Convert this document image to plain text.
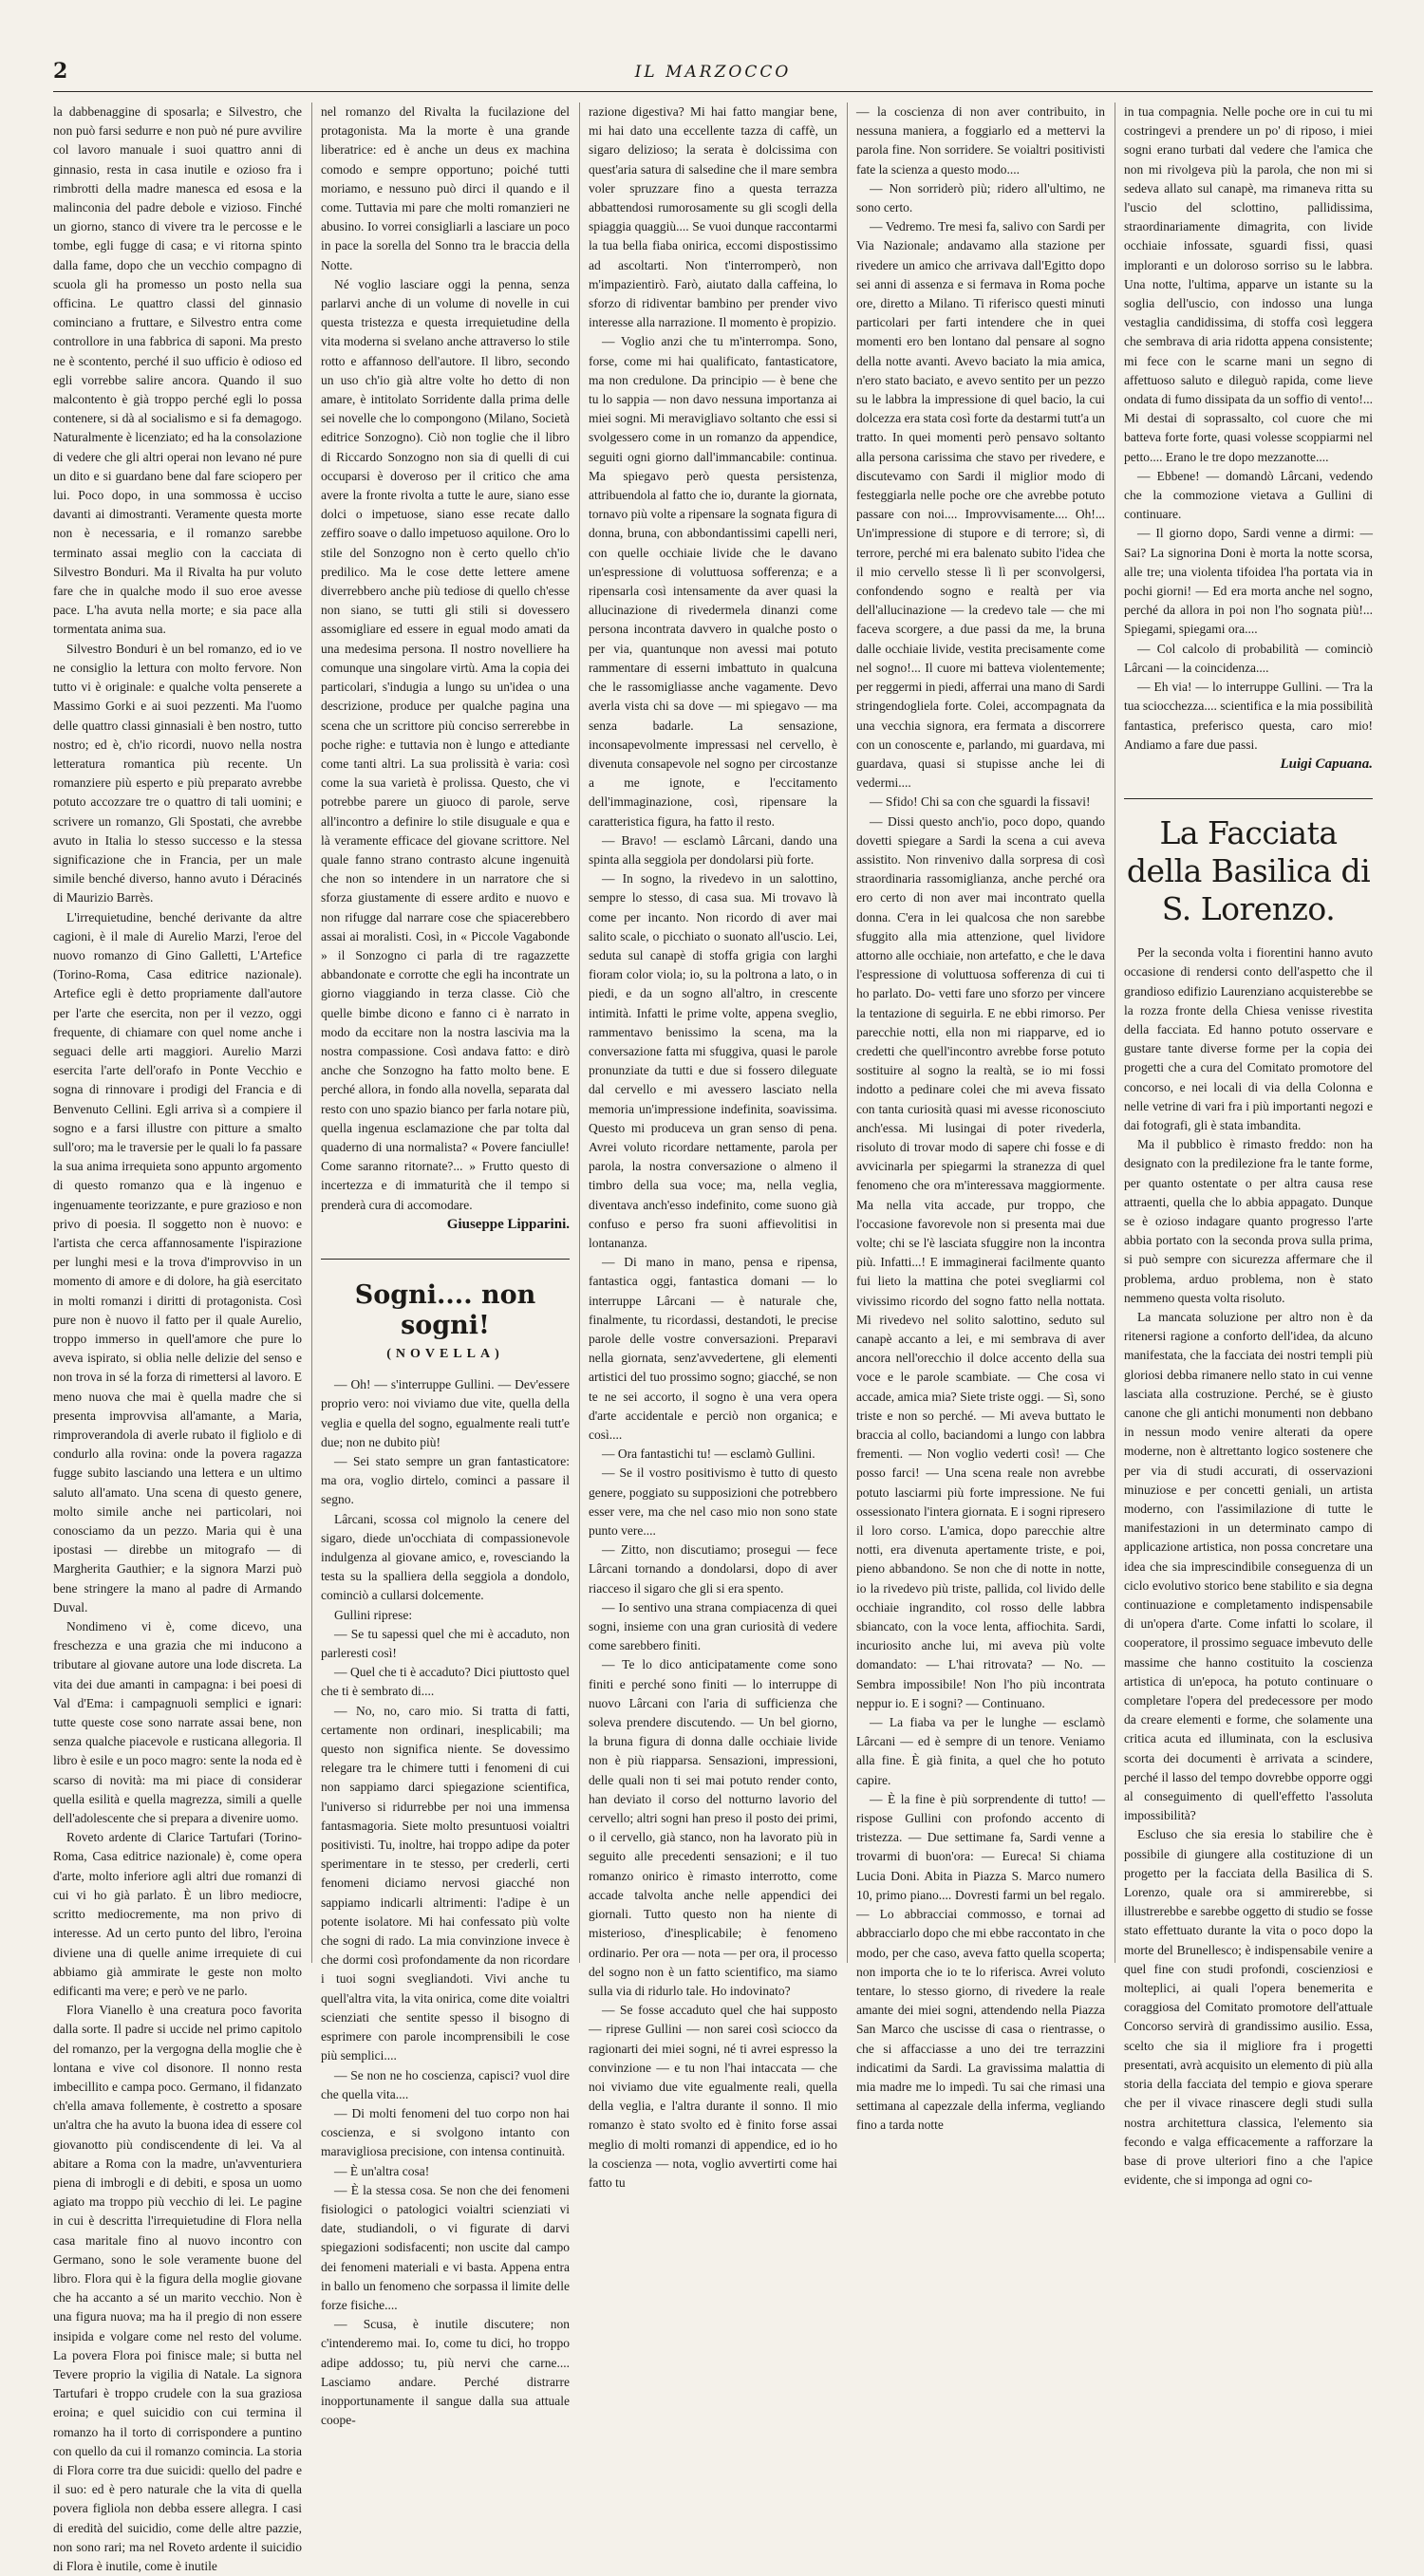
2	IL MARZOCCO

la dabbenaggine di sposarla; e Silvestro, che non può farsi sedurre e non può né pure avvilire col lavoro manuale i suoi quattro anni di ginnasio, resta in casa inutile e ozioso fra i rimbrotti della madre manesca ed esosa e la malinconia del padre debole e vizioso. Finché un giorno, stanco di vivere tra le percosse e le tombe, egli fugge di casa; e vi ritorna spinto dalla fame, dopo che un vecchio compagno di scuola gli ha promesso un posto nella sua officina. Le quattro classi del ginnasio cominciano a fruttare, e Silvestro entra come controllore in una fabbrica di saponi. Ma presto ne è scontento, perché il suo ufficio è odioso ed egli vorrebbe salire ancora. Quando il suo malcontento è già troppo perché egli lo possa contenere, si dà al socialismo e si fa demagogo. Naturalmente è licenziato; ed ha la consolazione di vedere che gli altri operai non levano né pure un dito e si guardano bene dal fare sciopero per lui. Poco dopo, in una sommossa è ucciso davanti ai dimostranti. Veramente questa morte non è necessaria, e il romanzo sarebbe terminato assai meglio con la cacciata di Silvestro Bonduri. Ma il Rivalta ha pur voluto fare che in qualche modo il suo eroe avesse pace. L'ha avuta nella morte; e sia pace alla tormentata anima sua.

Silvestro Bonduri è un bel romanzo, ed io ve ne consiglio la lettura con molto fervore. Non tutto vi è originale: e qualche volta penserete a Massimo Gorki e ai suoi pezzenti. Ma l'uomo delle quattro classi ginnasiali è ben nostro, tutto nostro; ed è, ch'io ricordi, nuovo nella nostra letteratura romantica più recente. Un romanziere più esperto e più preparato avrebbe potuto accozzare tre o quattro di tali uomini; e scrivere un romanzo, Gli Spostati, che avrebbe avuto in Italia lo stesso successo e la stessa significazione che in Francia, per un male simile benché diverso, hanno avuto i Déracinés di Maurizio Barrès.

L'irrequietudine, benché derivante da altre cagioni, è il male di Aurelio Marzi, l'eroe del nuovo romanzo di Gino Galletti, L'Artefice (Torino-Roma, Casa editrice nazionale). Artefice egli è detto propriamente dall'autore per l'arte che esercita, non per il vezzo, oggi frequente, di chiamare con quel nome anche i seguaci delle arti maggiori. Aurelio Marzi esercita l'arte dell'orafo in Ponte Vecchio e sogna di rinnovare i prodigi del Francia e di Benvenuto Cellini. Egli arriva sì a compiere il sogno e a farsi illustre con pitture a smalto sull'oro; ma le traversie per le quali lo fa passare la sua anima irrequieta sono appunto argomento di questo romanzo qua e là ingenuo e ingenuamente teorizzante, e pure grazioso e non privo di poesia. Il soggetto non è nuovo: e l'artista che cerca affannosamente l'ispirazione per lunghi mesi e la trova d'improvviso in un momento di amore e di dolore, ha già esercitato in molti romanzi i diritti di protagonista. Così pure non è nuovo il fatto per il quale Aurelio, troppo immerso in quell'amore che pure lo aveva ispirato, si oblia nelle delizie del senso e non trova in sé la forza di rimettersi al lavoro. E meno nuova che mai è quella madre che si presenta improvvisa all'amante, a Maria, rimproverandola di averle rubato il figliolo e di condurlo alla rovina: onde la povera ragazza fugge subito lasciando una lettera e un ultimo saluto all'amato. Una scena di questo genere, molto simile anche nei particolari, noi conosciamo da un pezzo. Maria qui è una ipostasi — direbbe un mitografo — di Margherita Gauthier; e la signora Marzi può bene stringere la mano al padre di Armando Duval.

Nondimeno vi è, come dicevo, una freschezza e una grazia che mi inducono a tributare al giovane autore una lode discreta. La vita dei due amanti in campagna: i bei poesi di Val d'Ema: i campagnuoli semplici e ignari: tutte queste cose sono narrate assai bene, non senza qualche piacevole e rusticana allegoria. Il libro è esile e un poco magro: sente la noda ed è scarso di novità: ma mi piace di considerar quella esilità e quella magrezza, simili a quelle dell'adolescente che si prepara a divenire uomo.

Roveto ardente di Clarice Tartufari (Torino-Roma, Casa editrice nazionale) è, come opera d'arte, molto inferiore agli altri due romanzi di cui vi ho già parlato. È un libro mediocre, scritto mediocremente, ma non privo di interesse. Ad un certo punto del libro, l'eroina diviene una di quelle anime irrequiete di cui abbiamo già ammirate le geste non molto edificanti ma vere; e però ve ne parlo.

Flora Vianello è una creatura poco favorita dalla sorte. Il padre si uccide nel primo capitolo del romanzo, per la vergogna della moglie che è lontana e vive col disonore. Il nonno resta imbecillito e campa poco. Germano, il fidanzato ch'ella amava follemente, è costretto a sposare un'altra che ha avuto la buona idea di essere col giovanotto più condiscendente di lei. Va al abitare a Roma con la madre, un'avventuriera piena di imbrogli e di debiti, e sposa un uomo agiato ma troppo più vecchio di lei. Le pagine in cui è descritta l'irrequietudine di Flora nella casa maritale fino al nuovo incontro con Germano, sono le sole veramente buone del libro. Flora qui è la figura della moglie giovane che ha accanto a sé un marito vecchio. Non è una figura nuova; ma ha il pregio di non essere insipida e volgare come nel resto del volume. La povera Flora poi finisce male; si butta nel Tevere proprio la vigilia di Natale. La signora Tartufari è troppo crudele con la sua graziosa eroina; e quel suicidio con cui termina il romanzo ha il torto di corrispondere a puntino con quello da cui il romanzo comincia. La storia di Flora corre tra due suicidi: quello del padre e il suo: ed è pero naturale che la vita di quella povera figliola non debba essere allegra. I casi di eredità del suicidio, come delle altre pazzie, non sono rari; ma nel Roveto ardente il suicidio di Flora è inutile, come è inutile

nel romanzo del Rivalta la fucilazione del protagonista. Ma la morte è una grande liberatrice: ed è anche un deus ex machina comodo e sempre opportuno; poiché tutti moriamo, e nessuno può dirci il quando e il come. Tuttavia mi pare che molti romanzieri ne abusino. Io vorrei consigliarli a lasciare un poco in pace la sorella del Sonno tra le braccia della Notte.

Né voglio lasciare oggi la penna, senza parlarvi anche di un volume di novelle in cui questa tristezza e questa irrequietudine della vita moderna si svelano anche attraverso lo stile rotto e affannoso dell'autore. Il libro, secondo un uso ch'io già altre volte ho detto di non amare, è intitolato Sorridente dalla prima delle sei novelle che lo compongono (Milano, Società editrice Sonzogno). Ciò non toglie che il libro di Riccardo Sonzogno non sia di quelli di cui occuparsi è doveroso per il critico che ama avere la fronte rivolta a tutte le aure, siano esse dolci o impetuose, siano esse recate dallo zeffiro soave o dallo impetuoso aquilone. Oro lo stile del Sonzogno non è certo quello ch'io predilico. Ma le cose dette lettere amene diverrebbero anche più tediose di quello ch'esse non siano, se tutti gli stili si dovessero assomigliare ed essere in egual modo amati da una medesima persona. Il nostro novelliere ha comunque una singolare virtù. Ama la copia dei particolari, s'indugia a lungo su un'idea o una descrizione, produce per qualche pagina una scena che un scrittore più conciso serrerebbe in poche righe: e tuttavia non è lungo e attediante come tanti altri. La sua prolissità è varia: così come la sua varietà è prolissa. Questo, che vi potrebbe parere un giuoco di parole, serve all'incontro a definire lo stile disuguale e qua e là veramente efficace del giovane scrittore. Nel quale fanno strano contrasto alcune ingenuità che non so intendere in un narratore che si sforza giustamente di essere ardito e nuovo e non rifugge dal narrare cose che spiacerebbero assai ai moralisti. Così, in « Piccole Vagabonde » il Sonzogno ci parla di tre ragazzette abbandonate e corrotte che egli ha incontrate un giorno viaggiando in terza classe. Ciò che quelle bimbe dicono e fanno ci è narrato in modo da eccitare non la nostra lascivia ma la nostra compassione. Così andava fatto: e dirò anche che Sonzogno ha fatto molto bene. E perché allora, in fondo alla novella, separata dal resto con uno spazio bianco per farla notare più, quella ingenua esclamazione che par tolta dal quaderno di una normalista? « Povere fanciulle! Come saranno ritornate?... » Frutto questo di incertezza e di immaturità che il tempo si prenderà cura di accomodare.

Giuseppe Lipparini.

Sogni.... non sogni!
(NOVELLA)

— Oh! — s'interruppe Gullini. — Dev'essere proprio vero: noi viviamo due vite, quella della veglia e quella del sogno, egualmente reali tutt'e due; non ne dubito più!

— Sei stato sempre un gran fantasticatore: ma ora, voglio dirtelo, cominci a passare il segno.

Lârcani, scossa col mignolo la cenere del sigaro, diede un'occhiata di compassionevole indulgenza al giovane amico, e, rovesciando la testa su la spalliera della seggiola a dondolo, cominciò a cullarsi dolcemente.

Gullini riprese:

— Se tu sapessi quel che mi è accaduto, non parleresti così!

— Quel che ti è accaduto? Dici piuttosto quel che ti è sembrato di....

— No, no, caro mio. Si tratta di fatti, certamente non ordinari, inesplicabili; ma questo non significa niente. Se dovessimo relegare tra le chimere tutti i fenomeni di cui non sappiamo darci spiegazione scientifica, l'universo si ridurrebbe per noi una immensa fantasmagoria. Siete molto presuntuosi voialtri positivisti. Tu, inoltre, hai troppo adipe da poter sperimentare in te stesso, per crederli, certi fenomeni diciamo nervosi giacché non sappiamo indicarli altrimenti: l'adipe è un potente isolatore. Mi hai confessato più volte che sogni di rado. La mia convinzione invece è che dormi così profondamente da non ricordare i tuoi sogni svegliandoti. Vivi anche tu quell'altra vita, la vita onirica, come dite voialtri scienziati che sentite spesso il bisogno di esprimere con parole incomprensibili le cose più semplici....

— Se non ne ho coscienza, capisci? vuol dire che quella vita....

— Di molti fenomeni del tuo corpo non hai coscienza, e si svolgono intanto con maravigliosa precisione, con intensa continuità.

— È un'altra cosa!

— È la stessa cosa. Se non che dei fenomeni fisiologici o patologici voialtri scienziati vi date, studiandoli, o vi figurate di darvi spiegazioni sodisfacenti; non uscite dal campo dei fenomeni materiali e vi basta. Appena entra in ballo un fenomeno che sorpassa il limite delle forze fisiche....

— Scusa, è inutile discutere; non c'intenderemo mai. Io, come tu dici, ho troppo adipe addosso; tu, più nervi che carne.... Lasciamo andare. Perché distrarre inopportunamente il sangue dalla sua attuale coope-

razione digestiva? Mi hai fatto mangiar bene, mi hai dato una eccellente tazza di caffè, un sigaro delizioso; la serata è dolcissima con quest'aria satura di salsedine che il mare sembra voler spruzzare fino a questa terrazza abbattendosi rumorosamente su gli scogli della spiaggia quaggiù.... Se vuoi dunque raccontarmi la tua bella fiaba onirica, eccomi dispostissimo ad ascoltarti. Non t'interromperò, non m'impazientirò. Farò, aiutato dalla caffeina, lo sforzo di ridiventar bambino per prender vivo interesse alla narrazione. Il momento è propizio.

— Voglio anzi che tu m'interrompa. Sono, forse, come mi hai qualificato, fantasticatore, ma non credulone. Da principio — è bene che tu lo sappia — non davo nessuna importanza ai miei sogni. Mi meravigliavo soltanto che essi si svolgessero come in un romanzo da appendice, seguiti ogni giorno dall'immancabile: continua. Ma spiegavo però questa persistenza, attribuendola al fatto che io, durante la giornata, tornavo più volte a ripensare la sognata figura di donna, bruna, con abbondantissimi capelli neri, con quelle occhiaie livide che le davano un'espressione di voluttuosa sofferenza; e a ripensarla così intensamente da aver quasi la allucinazione di rivedermela dinanzi come persona incontrata davvero in qualche posto o per via, quantunque non avessi mai potuto rammentare di esserni imbattuto in qualcuna che le rassomigliasse anche vagamente. Devo averla vista chi sa dove — mi spiegavo — ma senza badarle. La sensazione, inconsapevolmente impressasi nel cervello, è divenuta consapevole nel sogno per circostanze a me ignote, e l'eccitamento dell'immaginazione, così, ripensare la caratteristica figura, ha fatto il resto.

— Bravo! — esclamò Lârcani, dando una spinta alla seggiola per dondolarsi più forte.

— In sogno, la rivedevo in un salottino, sempre lo stesso, di casa sua. Mi trovavo là come per incanto. Non ricordo di aver mai salito scale, o picchiato o suonato all'uscio. Lei, seduta sul canapè di stoffa grigia con larghi fioram color viola; io, su la poltrona a lato, o in piedi, e da un sogno all'altro, in crescente intimità. Infatti le prime volte, appena sveglio, rammentavo benissimo la scena, ma la conversazione fatta mi sfuggiva, quasi le parole pronunziate da tutti e due si fossero dileguate dal cervello e mi avessero lasciato nella memoria un'impressione indefinita, soavissima. Questo mi produceva un gran senso di pena. Avrei voluto ricordare nettamente, parola per parola, la nostra conversazione o almeno il timbro della sua voce; ma, nella veglia, diventava anch'esso indefinito, come suono già confuso e perso fra suoni affievolitisi in lontananza.

— Di mano in mano, pensa e ripensa, fantastica oggi, fantastica domani — lo interruppe Lârcani — è naturale che, finalmente, tu ricordassi, destandoti, le precise parole delle vostre conversazioni. Preparavi nella giornata, senz'avvedertene, gli elementi artistici del tuo prossimo sogno; giacché, se non te ne sei accorto, il sogno è una vera opera d'arte accidentale e perciò non organica; e così....

— Ora fantastichi tu! — esclamò Gullini.

— Se il vostro positivismo è tutto di questo genere, poggiato su supposizioni che potrebbero esser vere, ma che nel caso mio non sono state punto vere....

— Zitto, non discutiamo; prosegui — fece Lârcani tornando a dondolarsi, dopo di aver riacceso il sigaro che gli si era spento.

— Io sentivo una strana compiacenza di quei sogni, insieme con una gran curiosità di vedere come sarebbero finiti.

— Te lo dico anticipatamente come sono finiti e perché sono finiti — lo interruppe di nuovo Lârcani con l'aria di sufficienza che soleva prendere discutendo. — Un bel giorno, la bruna figura di donna dalle occhiaie livide non è più riapparsa. Sensazioni, impressioni, delle quali non ti sei mai potuto render conto, han deviato il corso del notturno lavorio del cervello; altri sogni han preso il posto dei primi, o il cervello, già stanco, non ha lavorato più in seguito alle precedenti sensazioni; e il tuo romanzo onirico è rimasto interrotto, come accade talvolta anche nelle appendici dei giornali. Tutto questo non ha niente di misterioso, d'inesplicabile; è fenomeno ordinario. Per ora — nota — per ora, il processo del sogno non è un fatto scientifico, ma siamo sulla via di ridurlo tale. Ho indovinato?

— Se fosse accaduto quel che hai supposto — riprese Gullini — non sarei così sciocco da ragionarti dei miei sogni, né ti avrei espresso la convinzione — e tu non l'hai intaccata — che noi viviamo due vite egualmente reali, quella della veglia, e l'altra durante il sonno. Il mio romanzo è stato svolto ed è finito forse assai meglio di molti romanzi di appendice, ed io ho la coscienza — nota, voglio avvertirti come hai fatto tu

— la coscienza di non aver contribuito, in nessuna maniera, a foggiarlo ed a mettervi la parola fine. Non sorridere. Se voialtri positivisti fate la scienza a questo modo....

— Non sorriderò più; ridero all'ultimo, ne sono certo.

— Vedremo. Tre mesi fa, salivo con Sardi per Via Nazionale; andavamo alla stazione per rivedere un amico che arrivava dall'Egitto dopo sei anni di assenza e si fermava in Roma poche ore, diretto a Milano. Ti riferisco questi minuti particolari per farti intendere che in quei momenti ero ben lontano dal pensare al sogno della notte avanti. Avevo baciato la mia amica, n'ero stato baciato, e avevo sentito per un pezzo su le labbra la impressione di quel bacio, la cui dolcezza era stata così forte da destarmi tutt'a un tratto. In quei momenti però pensavo soltanto alla persona carissima che stavo per rivedere, e discutevamo con Sardi il miglior modo di festeggiarla nelle poche ore che avrebbe potuto passare con noi.... Improvvisamente.... Oh!... Un'impressione di stupore e di terrore; sì, di terrore, perché mi era balenato subito l'idea che il mio cervello stesse lì lì per sconvolgersi, confondendo sogno e realtà per via dell'allucinazione — la credevo tale — che mi faceva scorgere, a due passi da me, la bruna dalle occhiaie livide, vestita precisamente come nel sogno!... Il cuore mi batteva violentemente; per reggermi in piedi, afferrai una mano di Sardi stringendogliela forte. Colei, accompagnata da una vecchia signora, era fermata a discorrere con un conoscente e, parlando, mi guardava, mi guardava, quasi si stupisse anche lei di vedermi....

— Sfido! Chi sa con che sguardi la fissavi!

— Dissi questo anch'io, poco dopo, quando dovetti spiegare a Sardi la scena a cui aveva assistito. Non rinvenivo dalla sorpresa di così straordinaria rassomiglianza, anche perché ora ero certo di non aver mai incontrato quella donna. C'era in lei qualcosa che non sarebbe sfuggito alla mia attenzione, quel lividore attorno alle occhiaie, non artefatto, e che le dava l'espressione di voluttuosa sofferenza di cui ti ho parlato. Do- vetti fare uno sforzo per vincere la tentazione di seguirla. E ne ebbi rimorso. Per parecchie notti, ella non mi riapparve, ed io credetti che quell'incontro avrebbe forse potuto sostituire al sogno la realtà, se io mi fossi indotto a pedinare colei che mi aveva fissato con tanta curiosità quasi mi avesse riconosciuto anch'essa. Mi lusingai di poter rivederla, risoluto di trovar modo di sapere chi fosse e di avvicinarla per spiegarmi la stranezza di quel fenomeno che ora m'interessava maggiormente. Ma nella vita accade, pur troppo, che l'occasione favorevole non si presenta mai due volte; chi se l'è lasciata sfuggire non la incontra più. Infatti...! E immaginerai facilmente quanto fui lieto la mattina che potei svegliarmi col vivissimo ricordo del sogno fatto nella nottata. Mi rivedevo nel solito salottino, seduto sul canapè accanto a lei, e mi sembrava di aver ancora nell'orecchio il dolce accento della sua voce e le parole scambiate. — Che cosa vi accade, amica mia? Siete triste oggi. — Sì, sono triste e non so perché. — Mi aveva buttato le braccia al collo, baciandomi a lungo con labbra frementi. — Non voglio vederti così! — Che posso farci! — Una scena reale non avrebbe potuto lasciarmi più forte impressione. Ne fui ossessionato l'intera giornata. E i sogni ripresero il loro corso. L'amica, dopo parecchie altre notti, era divenuta apertamente triste, e poi, pieno abbandono. Se non che di notte in notte, io la rivedevo più triste, pallida, col livido delle occhiaie ingrandito, col rosso delle labbra sbiancato, con la voce lenta, affiochita. Sardi, incuriosito anche lui, mi aveva più volte domandato: — L'hai ritrovata? — No. — Sembra impossibile! Non l'ho più incontrata neppur io. E i sogni? — Continuano.

— La fiaba va per le lunghe — esclamò Lârcani — ed è sempre di un tenore. Veniamo alla fine. È già finita, a quel che ho potuto capire.

— È la fine è più sorprendente di tutto! — rispose Gullini con profondo accento di tristezza. — Due settimane fa, Sardi venne a trovarmi di buon'ora: — Eureca! Si chiama Lucia Doni. Abita in Piazza S. Marco numero 10, primo piano.... Dovresti farmi un bel regalo. — Lo abbracciai commosso, e tornai ad abbracciarlo dopo che mi ebbe raccontato in che modo, per che caso, aveva fatto quella scoperta; non importa che io te lo riferisca. Avrei voluto tentare, lo stesso giorno, di rivedere la reale amante dei miei sogni, attendendo nella Piazza San Marco che uscisse di casa o rientrasse, o che si affacciasse a uno dei tre terrazzini indicatimi da Sardi. La gravissima malattia di mia madre me lo impedì. Tu sai che rimasi una settimana al capezzale della inferma, vegliando fino a tarda notte

in tua compagnia. Nelle poche ore in cui tu mi costringevi a prendere un po' di riposo, i miei sogni erano turbati dal vedere che l'amica che non mi rivolgeva più la parola, che non mi si sedeva allato sul canapè, ma rimaneva ritta su l'uscio del sclottino, pallidissima, straordinariamente dimagrita, con livide occhiaie infossate, sguardi fissi, quasi imploranti e un doloroso sorriso su le labbra. Una notte, l'ultima, apparve un istante su la soglia dell'uscio, con indosso una lunga vestaglia candidissima, di stoffa così leggera che sembrava di aria ridotta appena consistente; mi fece con le scarne mani un segno di affettuoso saluto e dileguò rapida, come lieve ondata di fumo dissipata da un soffio di vento!... Mi destai di soprassalto, col cuore che mi batteva forte forte, quasi volesse scoppiarmi nel petto.... Erano le tre dopo mezzanotte....

— Ebbene! — domandò Lârcani, vedendo che la commozione vietava a Gullini di continuare.

— Il giorno dopo, Sardi venne a dirmi: — Sai? La signorina Doni è morta la notte scorsa, alle tre; una violenta tifoidea l'ha portata via in pochi giorni! — Ed era morta anche nel sogno, perché da allora in poi non l'ho sognata più!... Spiegami, spiegami ora....

— Col calcolo di probabilità — cominciò Lârcani — la coincidenza....

— Eh via! — lo interruppe Gullini. — Tra la tua sciocchezza.... scientifica e la mia possibilità fantastica, preferisco questa, caro mio! Andiamo a fare due passi.

Luigi Capuana.

La Facciata della Basilica di S. Lorenzo.

Per la seconda volta i fiorentini hanno avuto occasione di rendersi conto dell'aspetto che il grandioso edifizio Laurenziano acquisterebbe se la rozza fronte della Chiesa venisse rivestita della facciata. Ed hanno potuto osservare e gustare tante diverse forme per la copia dei progetti che a cura del Comitato promotore del concorso, e nei locali di via della Colonna e nelle vetrine di vari fra i più importanti negozi e dai fotografi, gli è stata imbandita.

Ma il pubblico è rimasto freddo: non ha designato con la predilezione fra le tante forme, per quanto ostentate o per altra causa rese attraenti, quella che lo abbia appagato. Dunque se è ozioso indagare quanto progresso l'arte abbia portato con la seconda prova sulla prima, si può sempre con sicurezza affermare che il problema, arduo problema, non è stato nemmeno questa volta risoluto.

La mancata soluzione per altro non è da ritenersi ragione a conforto dell'idea, da alcuno manifestata, che la facciata dei nostri templi più gloriosi debba rimanere nello stato in cui venne lasciata alla costruzione. Perché, se è giusto canone che gli antichi monumenti non debbano in nessun modo venire alterati da opere moderne, non è altrettanto logico sostenere che per via di studi accurati, di osservazioni minuziose e per concetti geniali, un artista moderno, con l'assimilazione di tutte le manifestazioni in un determinato campo di applicazione artistica, non possa concretare una idea che sia imprescindibile conseguenza di un ciclo evolutivo storico bene stabilito e sia degna continuazione e completamento indispensabile di un'opera d'arte. Come infatti lo scolare, il cooperatore, il prossimo seguace imbevuto delle massime che hanno costituito la coscienza artistica di un'epoca, ha potuto continuare o completare l'opera del predecessore per modo da creare elementi e forme, che solamente una critica acuta ed illuminata, con la esclusiva scorta dei documenti è arrivata a scindere, perché il lasso del tempo dovrebbe opporre oggi al conseguimento di quell'effetto l'assoluta impossibilità?

Escluso che sia eresia lo stabilire che è possibile di giungere alla costituzione di un progetto per la facciata della Basilica di S. Lorenzo, quale ora si ammirerebbe, si illustrerebbe e sarebbe oggetto di studio se fosse stato effettuato durante la vita o poco dopo la morte del Brunellesco; è indispensabile venire a quel fine con studi profondi, coscienziosi e molteplici, ai quali l'opera benemerita e coraggiosa del Comitato promotore dell'attuale Concorso servirà di grandissimo ausilio. Essa, scelto che sia il migliore fra i progetti presentati, avrà acquisito un elemento di più alla storia della facciata del tempio e giova sperare che per il vivace rinascere degli studi sulla nostra architettura classica, l'elemento sia fecondo e valga efficacemente a rafforzare la base di prove ulteriori fino a che l'apice evidente, che si imponga ad ogni co-
